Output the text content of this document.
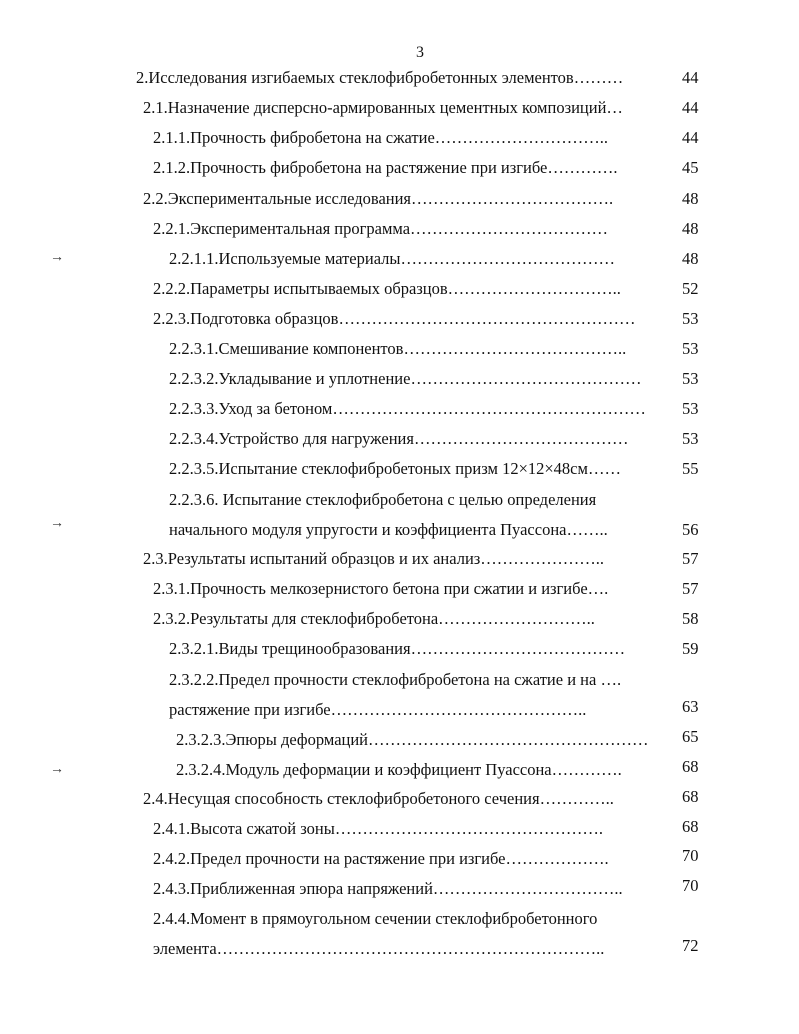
3
→
→
→
2.Исследования изгибаемых стеклофибробетонных элементов………	44
2.1.Назначение дисперсно-армированных цементных композиций…	44
2.1.1.Прочность фибробетона на сжатие…………………………..	44
2.1.2.Прочность фибробетона на растяжение при изгибе………….	45
2.2.Экспериментальные исследования……………………………….	48
2.2.1.Экспериментальная программа………………………………	48
2.2.1.1.Используемые материалы…………………………………	48
2.2.2.Параметры испытываемых образцов…………………………..	52
2.2.3.Подготовка образцов………………………………………………	53
2.2.3.1.Смешивание компонентов…………………………………..	53
2.2.3.2.Укладывание и уплотнение…………………………………… 53
2.2.3.3.Уход за бетоном………………………………………………… 53
2.2.3.4.Устройство для нагружения…………………………………	53
2.2.3.5.Испытание стеклофибробетоных призм 12×12×48см……	55
2.2.3.6. Испытание стеклофибробетона с целью определения
начального модуля упругости и коэффициента Пуассона……..	56
2.3.Результаты испытаний образцов и их анализ…………………..	57
2.3.1.Прочность мелкозернистого бетона при сжатии и изгибе….	57
2.3.2.Результаты для стеклофибробетона………………………..	58
2.3.2.1.Виды трещинообразования…………………………………	59
2.3.2.2.Предел прочности стеклофибробетона на сжатие и на ….
растяжение при изгибе………………………………………..	63
2.3.2.3.Эпюры деформаций…………………………………………… 65
2.3.2.4.Модуль деформации и коэффициент Пуассона………….	68
2.4.Несущая способность стеклофибробетоного сечения…………..	68
2.4.1.Высота сжатой зоны………………………………………….	68
2.4.2.Предел прочности на растяжение при изгибе……………….	70
2.4.3.Приближенная эпюра напряжений……………………………..	70
2.4.4.Момент в прямоугольном сечении стеклофибробетонного
элемента……………………………………………………………..	72
